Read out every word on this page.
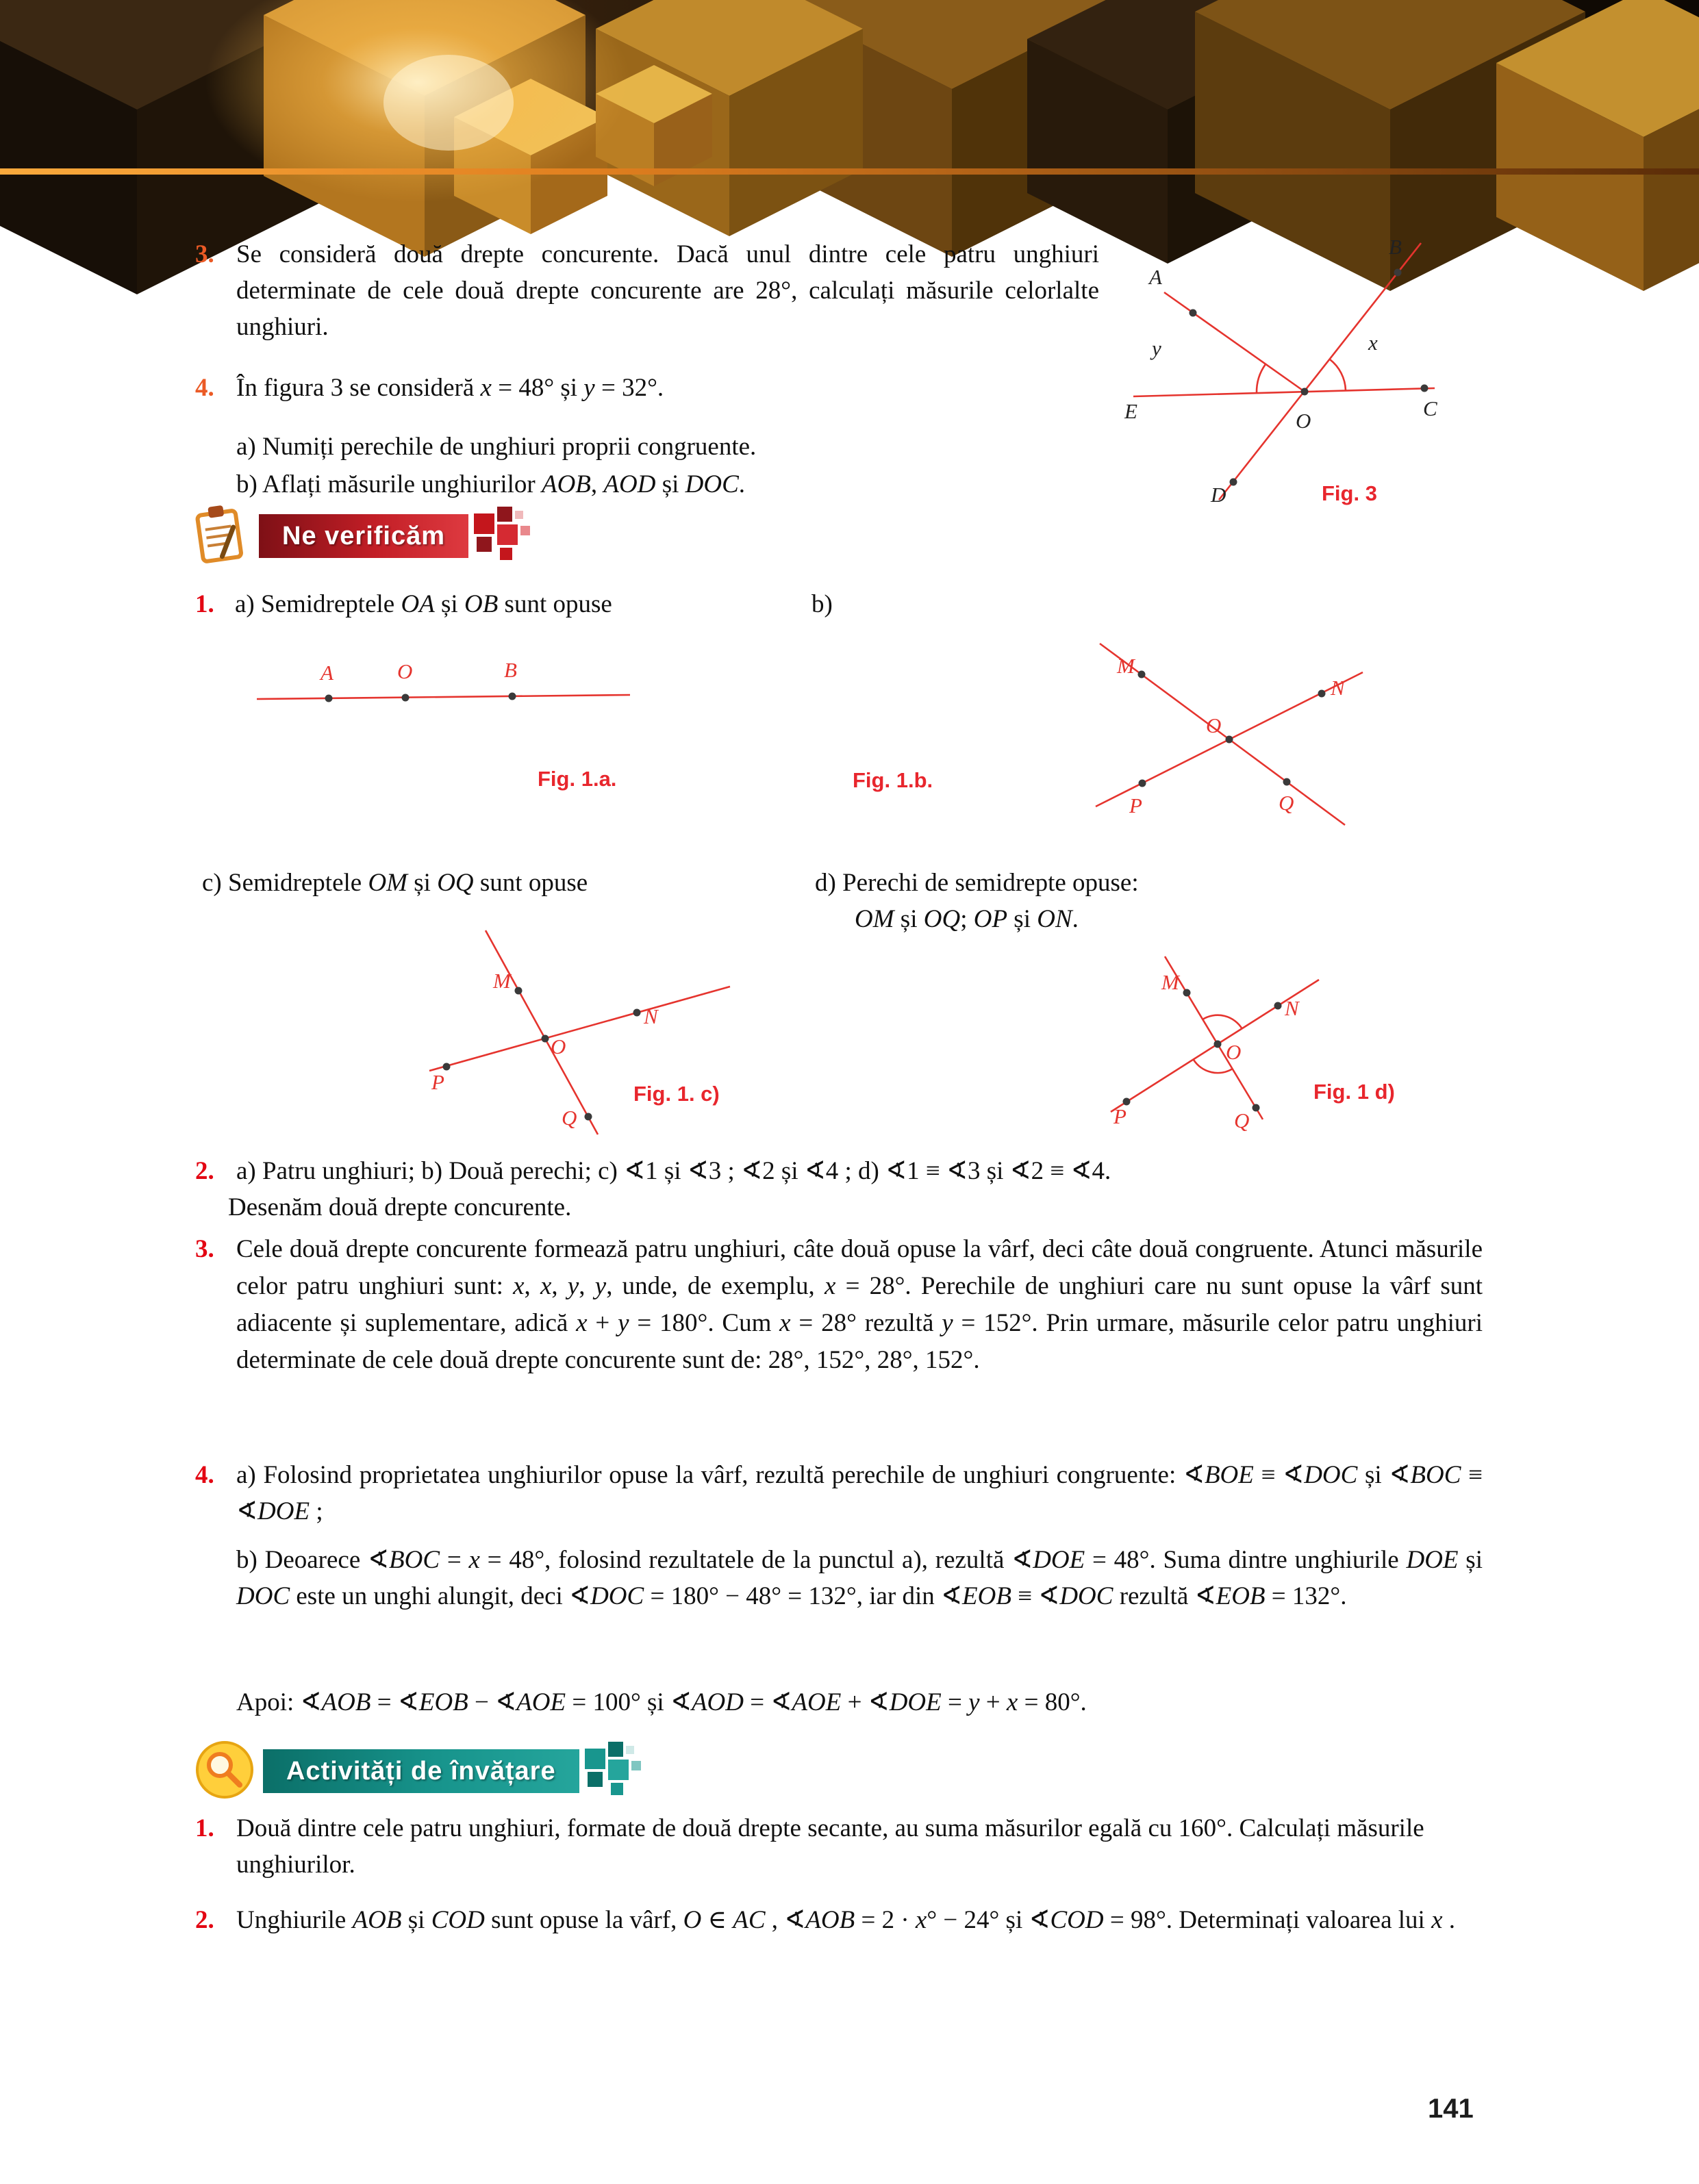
3. Se consideră două drepte concurente. Dacă unul dintre cele patru unghiuri determinate de cele două drepte concurente are 28°, calculați măsurile celorlalte unghiuri.
A
B
C
D
E	O
x
y
Fig. 3
4. În figura 3 se consideră x = 48° și y = 32°.
a) Numiți perechile de unghiuri proprii congruente.
b) Aflați măsurile unghiurilor AOB, AOD și DOC.
Ne verificăm
1. a) Semidreptele OA și OB sunt opuse	b)
A	O	B
Fig. 1.a.	Fig. 1.b.
M
N
O
P	Q
c) Semidreptele OM și OQ sunt opuse	d) Perechi de semidrepte opuse:
OM și OQ; OP și ON.
M
N
O
P
Q
Fig. 1. c)
M
N
O
P	Q
Fig. 1 d)
2. a) Patru unghiuri; b) Două perechi; c) ∢1 și ∢3 ; ∢2 și ∢4 ; d) ∢1 ≡ ∢3 și ∢2 ≡ ∢4.
Desenăm două drepte concurente.
3. Cele două drepte concurente formează patru unghiuri, câte două opuse la vârf, deci câte două congruente. Atunci măsurile celor patru unghiuri sunt: x, x, y, y, unde, de exemplu, x = 28°. Perechile de unghiuri care nu sunt opuse la vârf sunt adiacente și suplementare, adică x + y = 180°. Cum x = 28° rezultă y = 152°. Prin urmare, măsurile celor patru unghiuri determinate de cele două drepte concurente sunt de: 28°, 152°, 28°, 152°.
4. a) Folosind proprietatea unghiurilor opuse la vârf, rezultă perechile de unghiuri congruente: ∢BOE ≡ ∢DOC și ∢BOC ≡ ∢DOE ;
b) Deoarece ∢BOC = x = 48°, folosind rezultatele de la punctul a), rezultă ∢DOE = 48°. Suma dintre unghiurile DOE și DOC este un unghi alungit, deci ∢DOC = 180° − 48° = 132°, iar din ∢EOB ≡ ∢DOC rezultă ∢EOB = 132°.
Apoi: ∢AOB = ∢EOB − ∢AOE = 100° și ∢AOD = ∢AOE + ∢DOE = y + x = 80°.
Activități de învățare
1. Două dintre cele patru unghiuri, formate de două drepte secante, au suma măsurilor egală cu 160°. Calculați măsurile unghiurilor.
2. Unghiurile AOB și COD sunt opuse la vârf, O ∈ AC , ∢AOB = 2 · x° − 24° și ∢COD = 98°. Determinați valoarea lui x .
141
